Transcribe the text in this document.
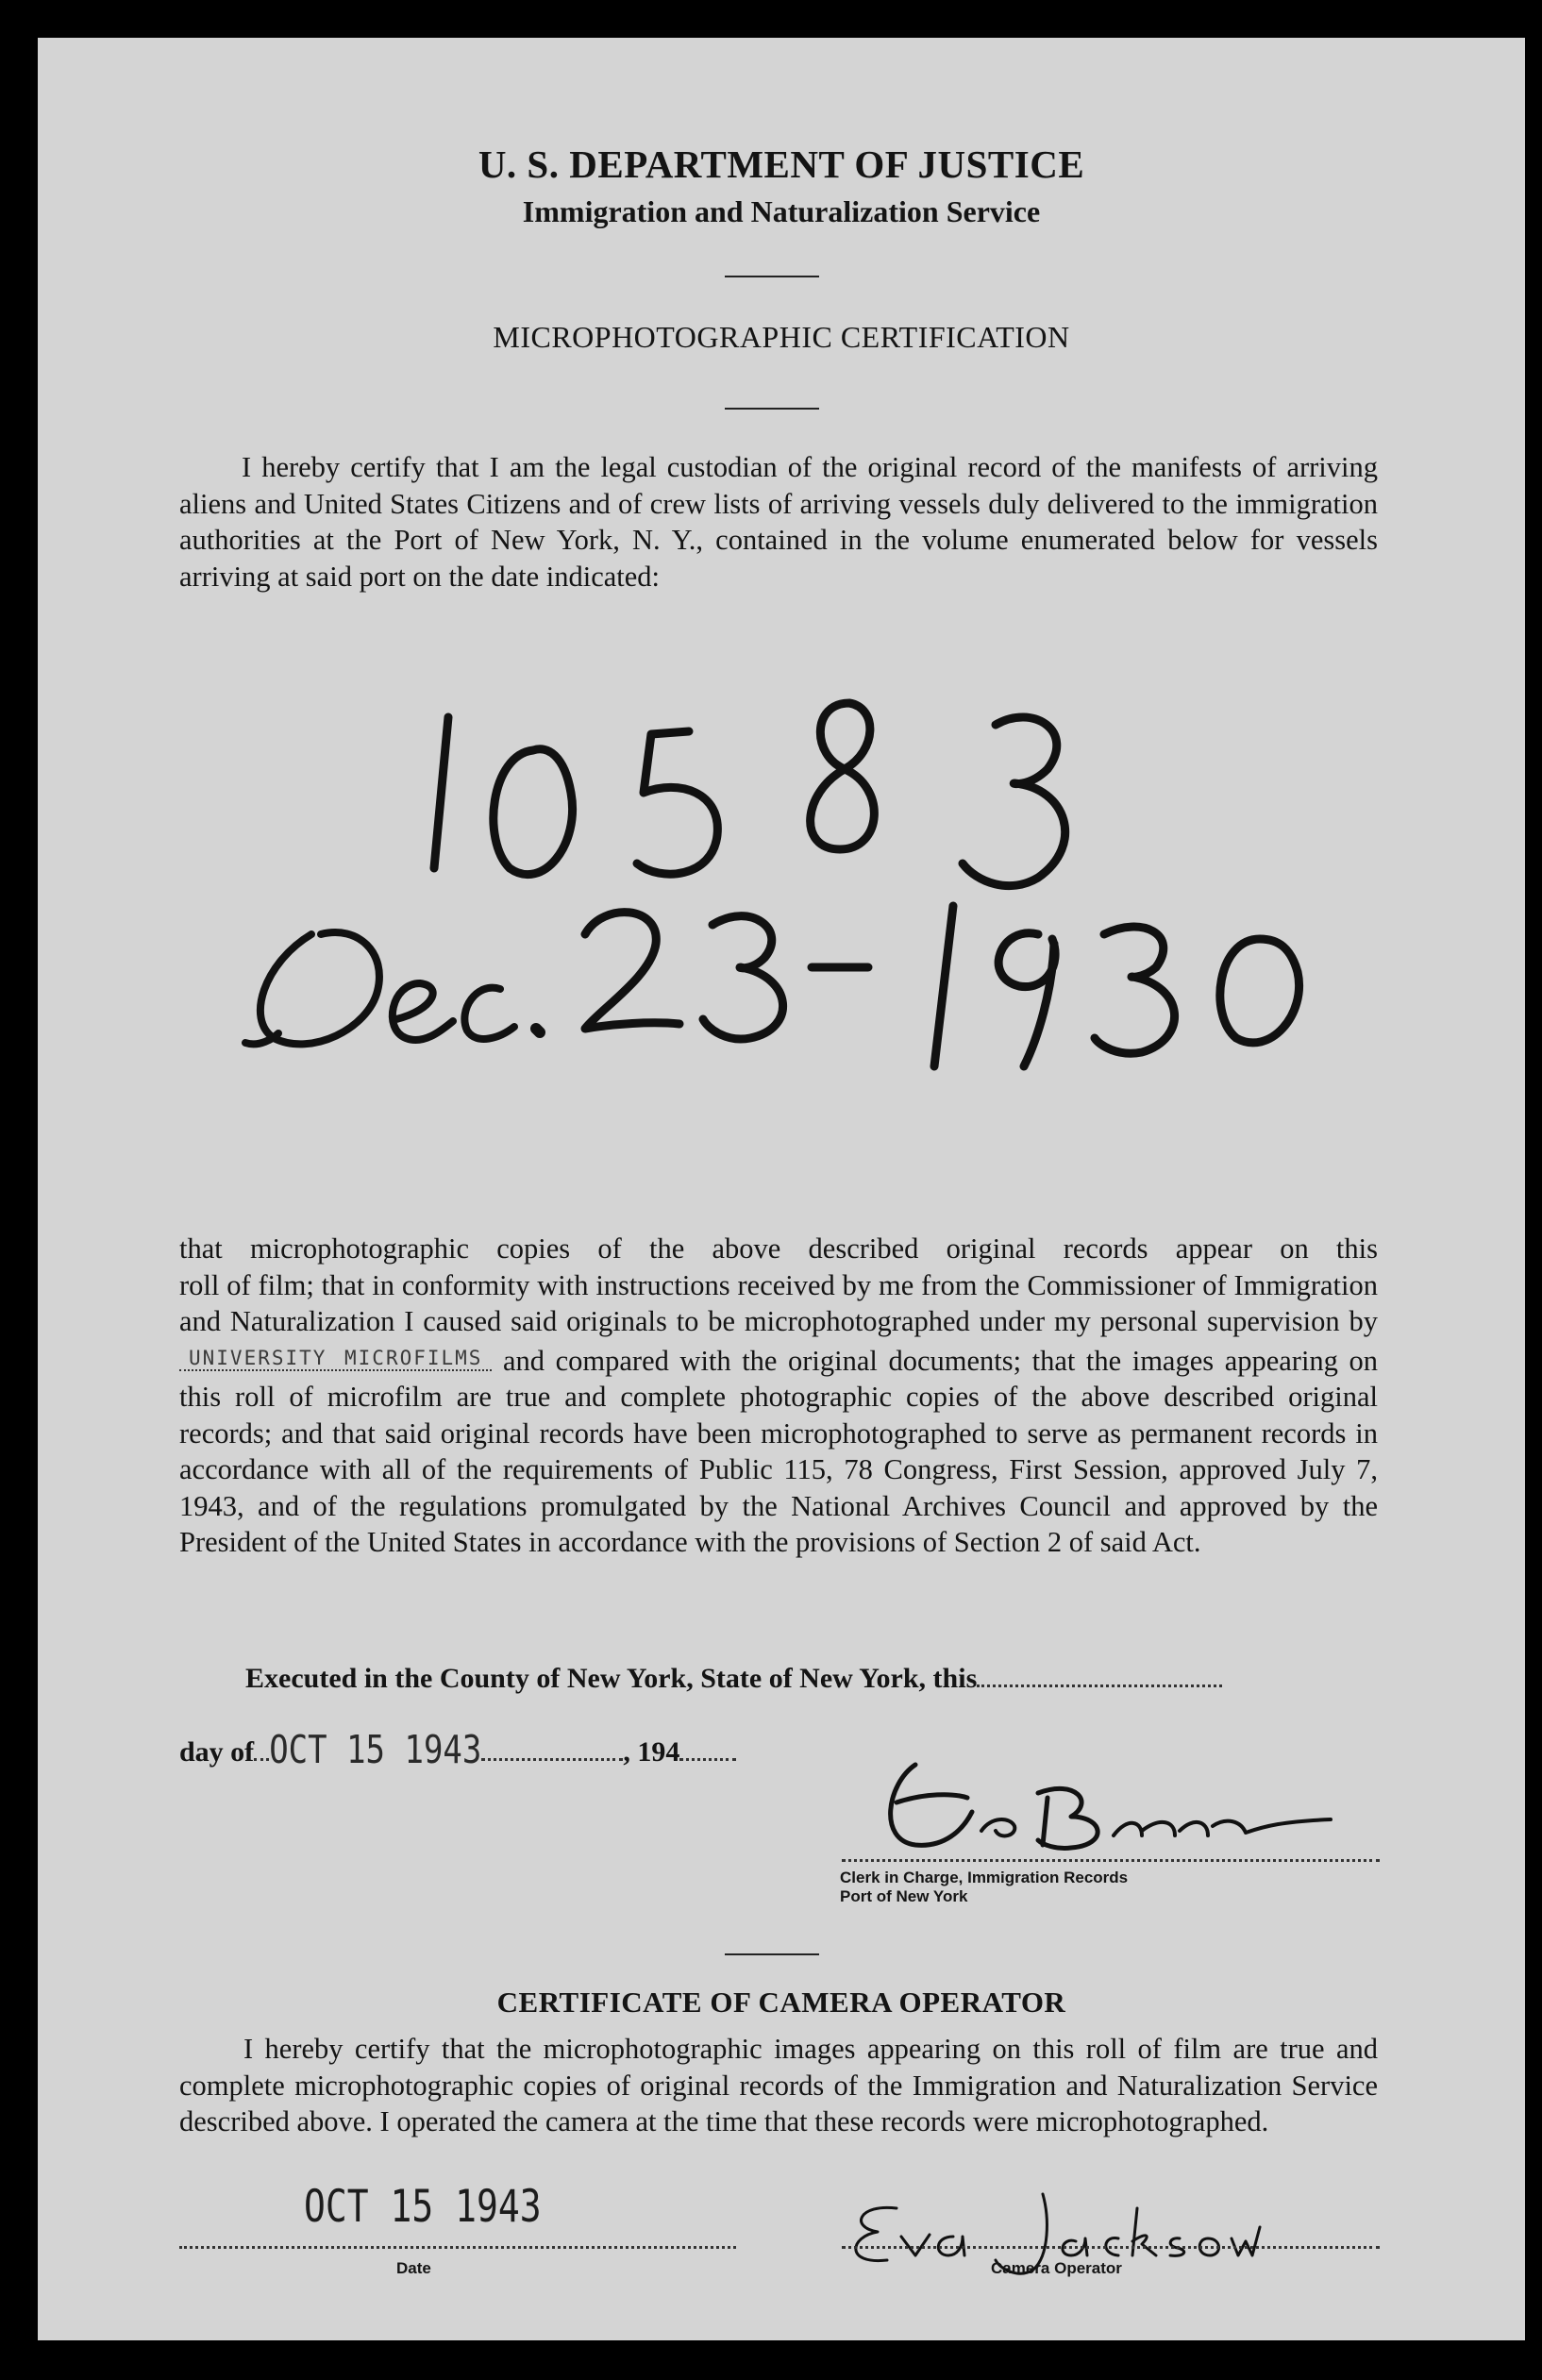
U. S. DEPARTMENT OF JUSTICE
Immigration and Naturalization Service
MICROPHOTOGRAPHIC CERTIFICATION
I hereby certify that I am the legal custodian of the original record of the manifests of arriving aliens and United States Citizens and of crew lists of arriving vessels duly delivered to the immigration authorities at the Port of New York, N. Y., contained in the volume enumerated below for vessels arriving at said port on the date indicated:
that microphotographic copies of the above described original records appear on this
roll of film; that in conformity with instructions received by me from the Commissioner of Immigration and Naturalization I caused said originals to be microphotographed under my personal supervision by UNIVERSITY MICROFILMS and compared with the original documents; that the images appearing on this roll of microfilm are true and complete photographic copies of the above described original records; and that said original records have been microphotographed to serve as permanent records in accordance with all of the requirements of Public 115, 78 Congress, First Session, approved July 7, 1943, and of the regulations promulgated by the National Archives Council and approved by the President of the United States in accordance with the provisions of Section 2 of said Act.
Executed in the County of New York, State of New York, this
day of OCT 15 1943	, 194
Clerk in Charge, Immigration Records
Port of New York
CERTIFICATE OF CAMERA OPERATOR
I hereby certify that the microphotographic images appearing on this roll of film are true and complete microphotographic copies of original records of the Immigration and Naturalization Service described above. I operated the camera at the time that these records were microphotographed.
OCT 15 1943
Date	Camera Operator
